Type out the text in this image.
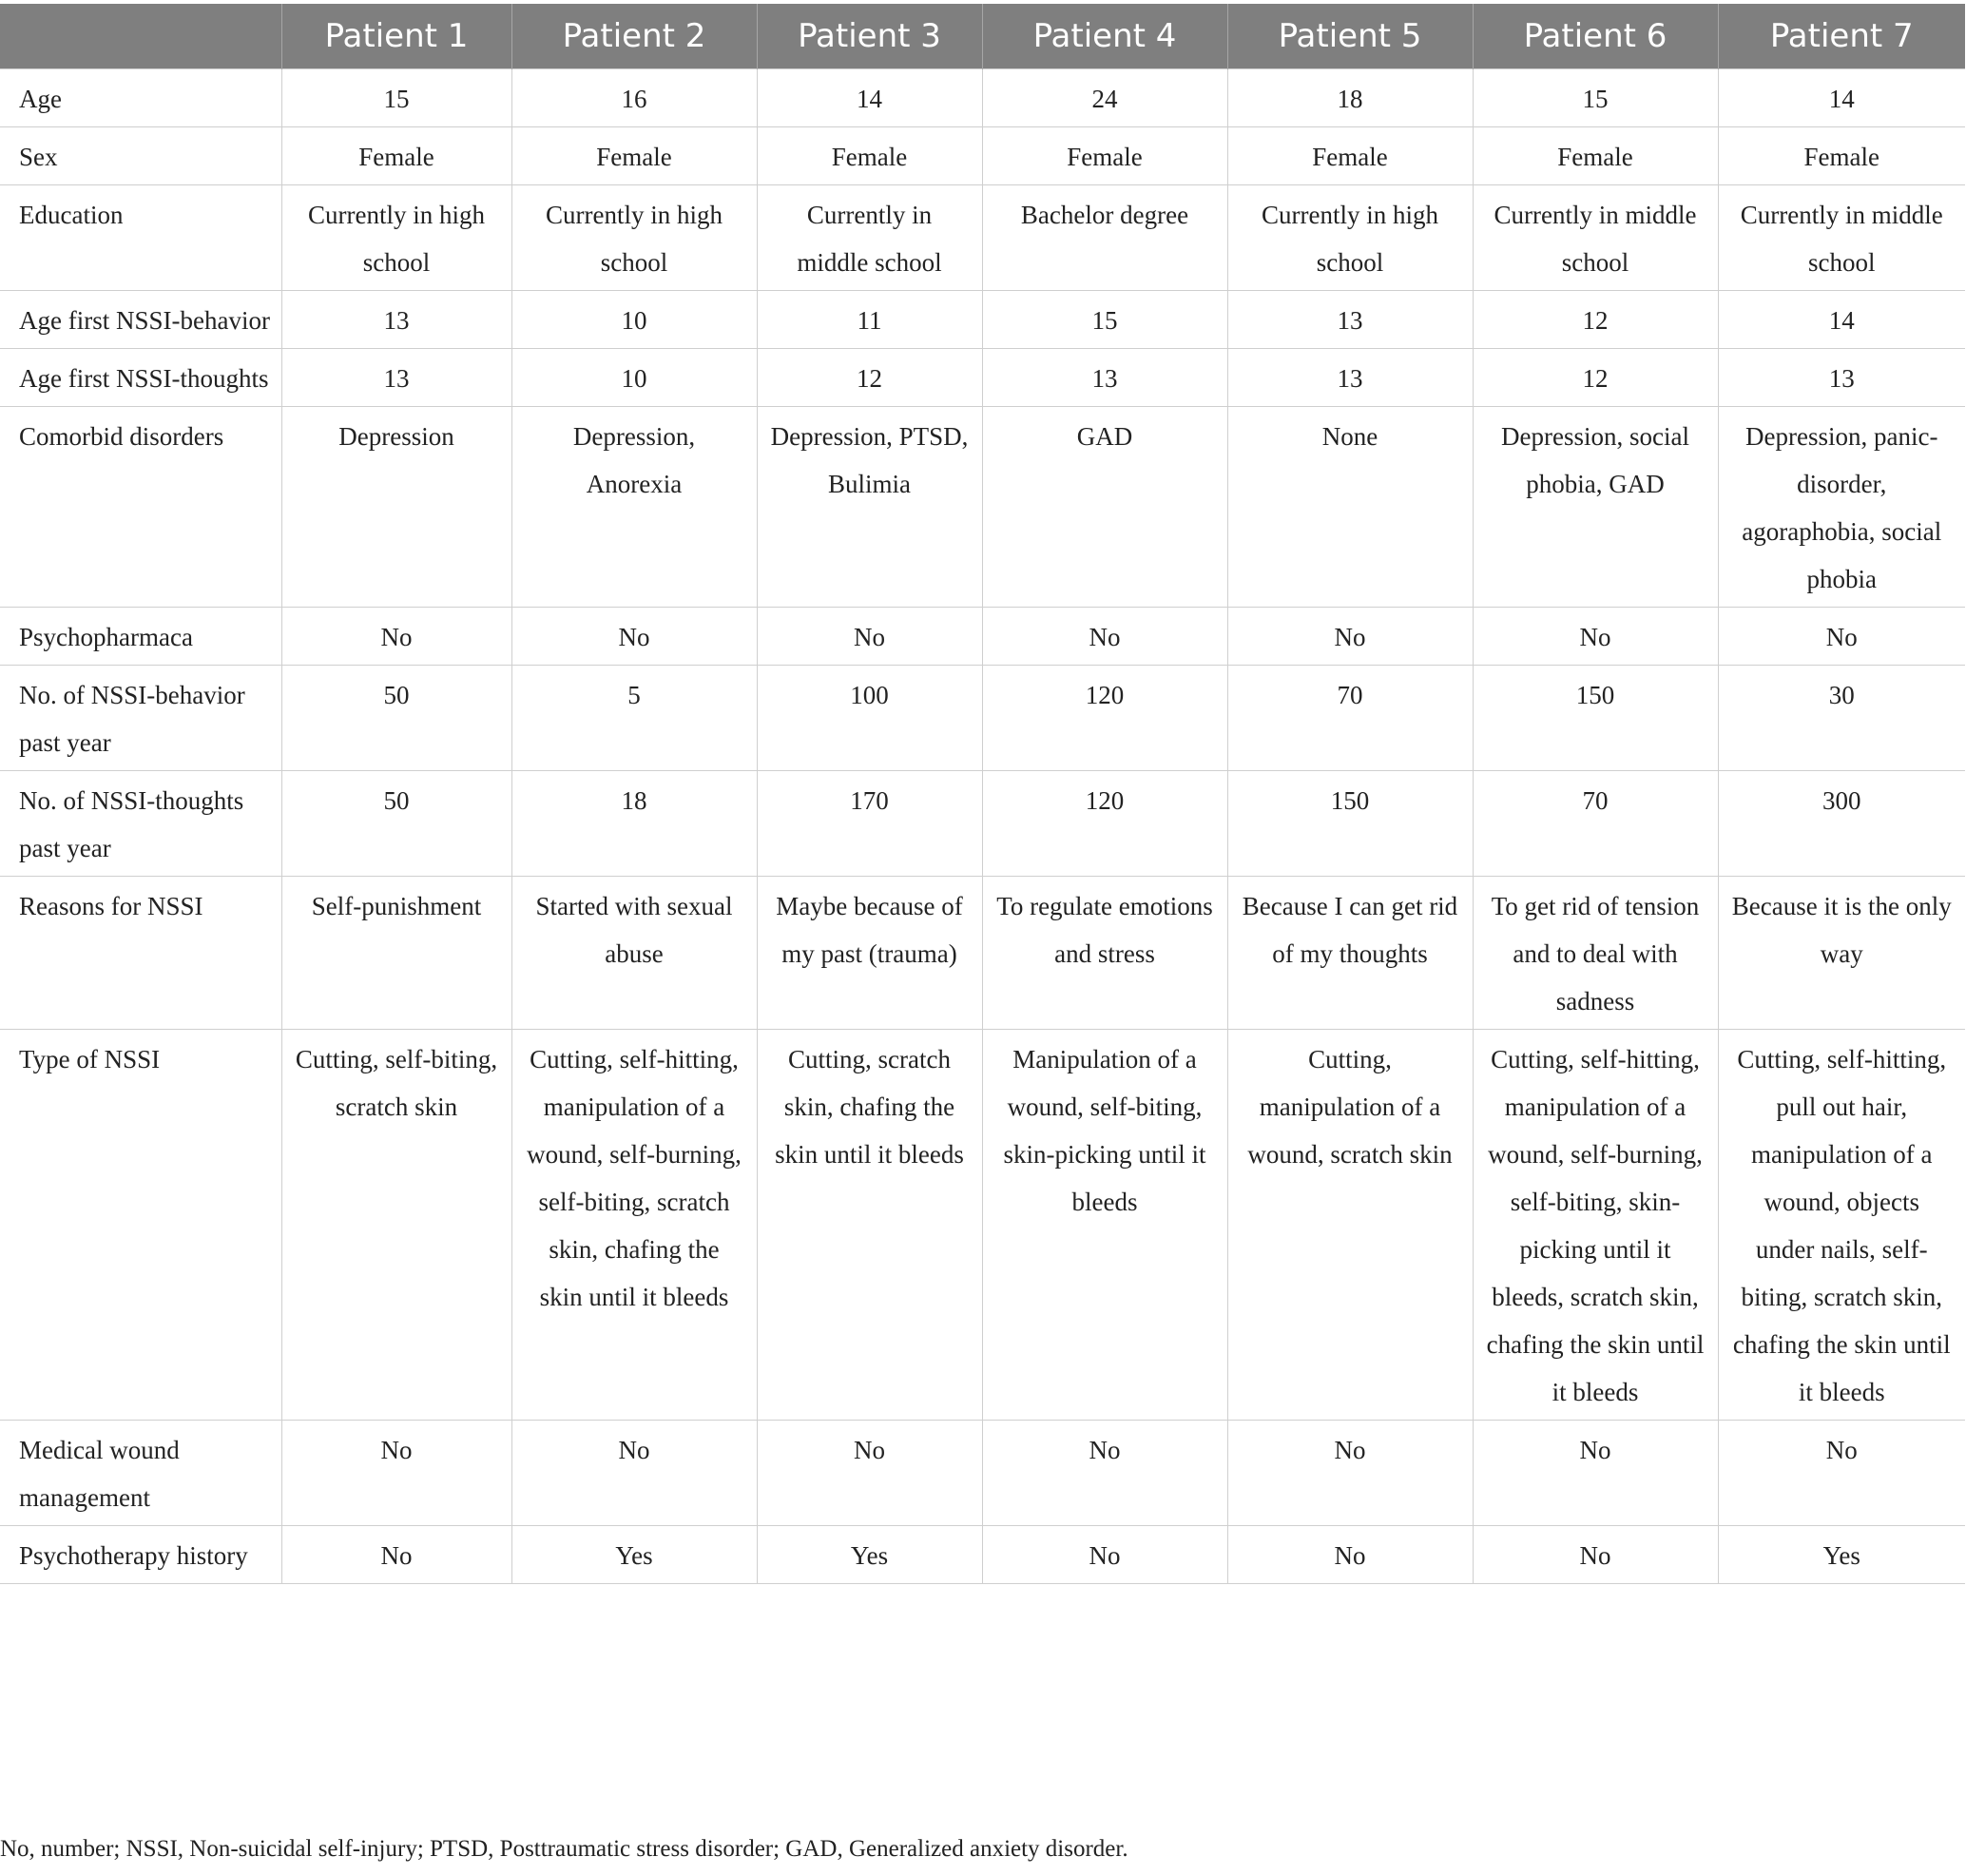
	Patient 1	Patient 2	Patient 3	Patient 4	Patient 5	Patient 6	Patient 7
Age	15	16	14	24	18	15	14
Sex	Female	Female	Female	Female	Female	Female	Female
Education	Currently in high school	Currently in high school	Currently in middle school	Bachelor degree	Currently in high school	Currently in middle school	Currently in middle school
Age first NSSI-behavior	13	10	11	15	13	12	14
Age first NSSI-thoughts	13	10	12	13	13	12	13
Comorbid disorders	Depression	Depression, Anorexia	Depression, PTSD, Bulimia	GAD	None	Depression, social phobia, GAD	Depression, panic-disorder, agoraphobia, social phobia
Psychopharmaca	No	No	No	No	No	No	No
No. of NSSI-behavior past year	50	5	100	120	70	150	30
No. of NSSI-thoughts past year	50	18	170	120	150	70	300
Reasons for NSSI	Self-punishment	Started with sexual abuse	Maybe because of my past (trauma)	To regulate emotions and stress	Because I can get rid of my thoughts	To get rid of tension and to deal with sadness	Because it is the only way
Type of NSSI	Cutting, self-biting, scratch skin	Cutting, self-hitting, manipulation of a wound, self-burning, self-biting, scratch skin, chafing the skin until it bleeds	Cutting, scratch skin, chafing the skin until it bleeds	Manipulation of a wound, self-biting, skin-picking until it bleeds	Cutting, manipulation of a wound, scratch skin	Cutting, self-hitting, manipulation of a wound, self-burning, self-biting, skin-picking until it bleeds, scratch skin, chafing the skin until it bleeds	Cutting, self-hitting, pull out hair, manipulation of a wound, objects under nails, self-biting, scratch skin, chafing the skin until it bleeds
Medical wound management	No	No	No	No	No	No	No
Psychotherapy history	No	Yes	Yes	No	No	No	Yes
No, number; NSSI, Non-suicidal self-injury; PTSD, Posttraumatic stress disorder; GAD, Generalized anxiety disorder.
